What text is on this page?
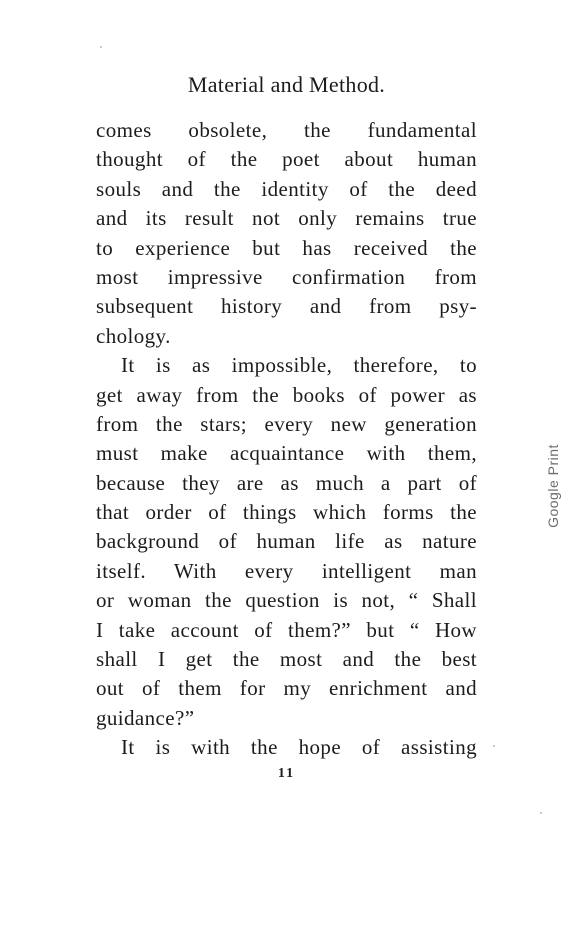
Material and Method.
comes obsolete, the fundamental
thought of the poet about human
souls and the identity of the deed
and its result not only remains true
to experience but has received the
most impressive confirmation from
subsequent history and from psy-
chology.
It is as impossible, therefore, to
get away from the books of power as
from the stars; every new generation
must make acquaintance with them,
because they are as much a part of
that order of things which forms the
background of human life as nature
itself. With every intelligent man
or woman the question is not, “ Shall
I take account of them?” but “ How
shall I get the most and the best
out of them for my enrichment and
guidance?”
It is with the hope of assisting
11
Google Print
